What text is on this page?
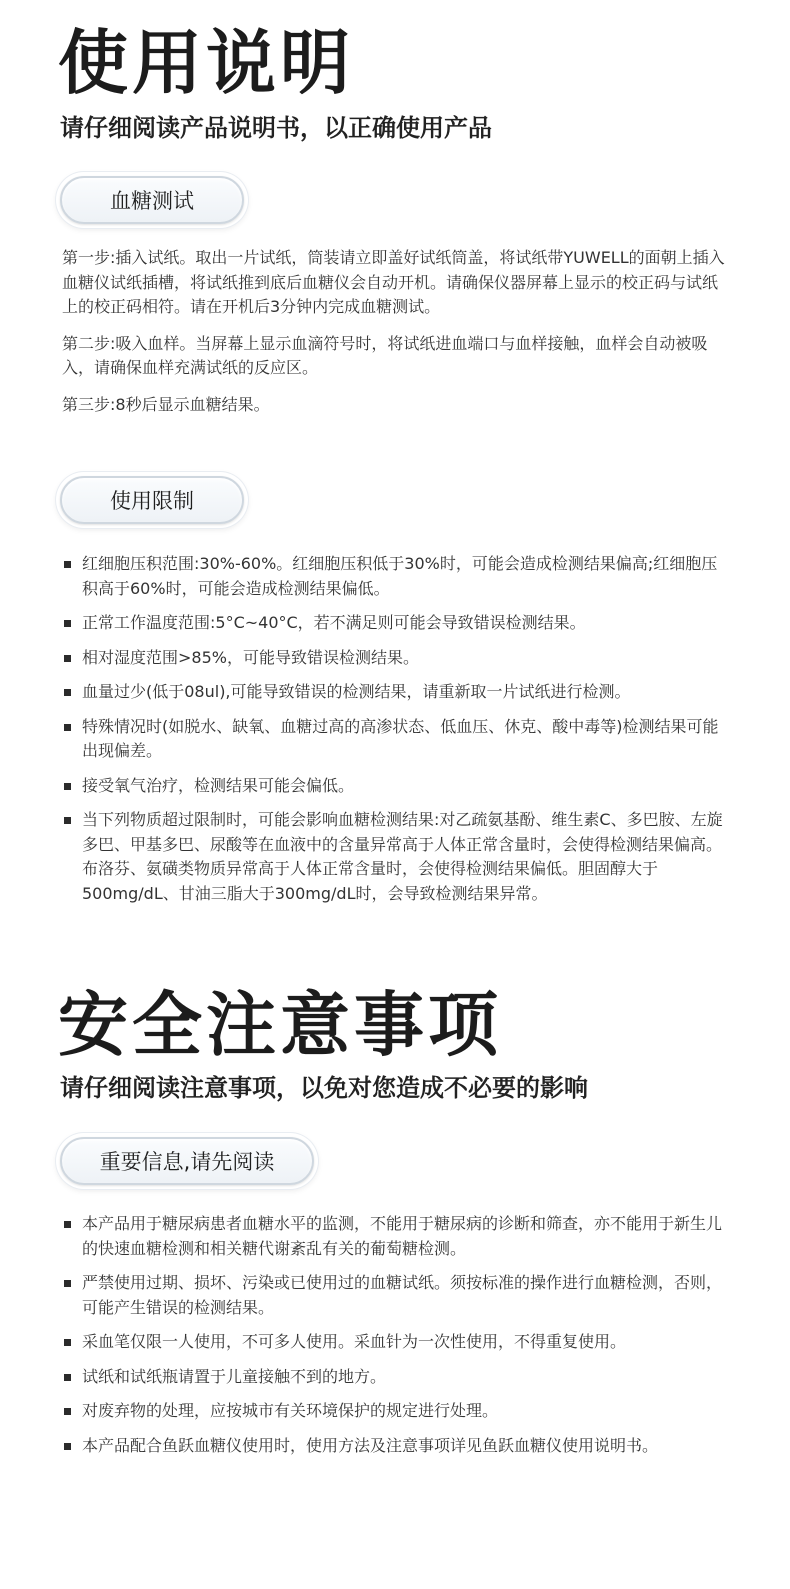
使用说明
请仔细阅读产品说明书，以正确使用产品
血糖测试

第一步:插入试纸。取出一片试纸，筒装请立即盖好试纸筒盖，将试纸带YUWELL的面朝上插入血糖仪试纸插槽，将试纸推到底后血糖仪会自动开机。请确保仪器屏幕上显示的校正码与试纸上的校正码相符。请在开机后3分钟内完成血糖测试。

第二步:吸入血样。当屏幕上显示血滴符号时，将试纸进血端口与血样接触，血样会自动被吸入，请确保血样充满试纸的反应区。

第三步:8秒后显示血糖结果。

使用限制
红细胞压积范围:30%-60%。红细胞压积低于30%时，可能会造成检测结果偏高;红细胞压积高于60%时，可能会造成检测结果偏低。
正常工作温度范围:5°C~40°C，若不满足则可能会导致错误检测结果。
相对湿度范围>85%，可能导致错误检测结果。
血量过少(低于08ul),可能导致错误的检测结果，请重新取一片试纸进行检测。
特殊情况时(如脱水、缺氧、血糖过高的高渗状态、低血压、休克、酸中毒等)检测结果可能出现偏差。
接受氧气治疗，检测结果可能会偏低。
当下列物质超过限制时，可能会影响血糖检测结果:对乙疏氨基酚、维生素C、多巴胺、左旋多巴、甲基多巴、尿酸等在血液中的含量异常高于人体正常含量时，会使得检测结果偏高。布洛芬、氨磺类物质异常高于人体正常含量时，会使得检测结果偏低。胆固醇大于500mg/dL、甘油三脂大于300mg/dL时，会导致检测结果异常。
安全注意事项
请仔细阅读注意事项，以免对您造成不必要的影响
重要信息,请先阅读
本产品用于糖尿病患者血糖水平的监测，不能用于糖尿病的诊断和筛查，亦不能用于新生儿的快速血糖检测和相关糖代谢紊乱有关的葡萄糖检测。
严禁使用过期、损坏、污染或已使用过的血糖试纸。须按标准的操作进行血糖检测，否则，可能产生错误的检测结果。
采血笔仅限一人使用，不可多人使用。采血针为一次性使用，不得重复使用。
试纸和试纸瓶请置于儿童接触不到的地方。
对废弃物的处理，应按城市有关环境保护的规定进行处理。
本产品配合鱼跃血糖仪使用时，使用方法及注意事项详见鱼跃血糖仪使用说明书。
